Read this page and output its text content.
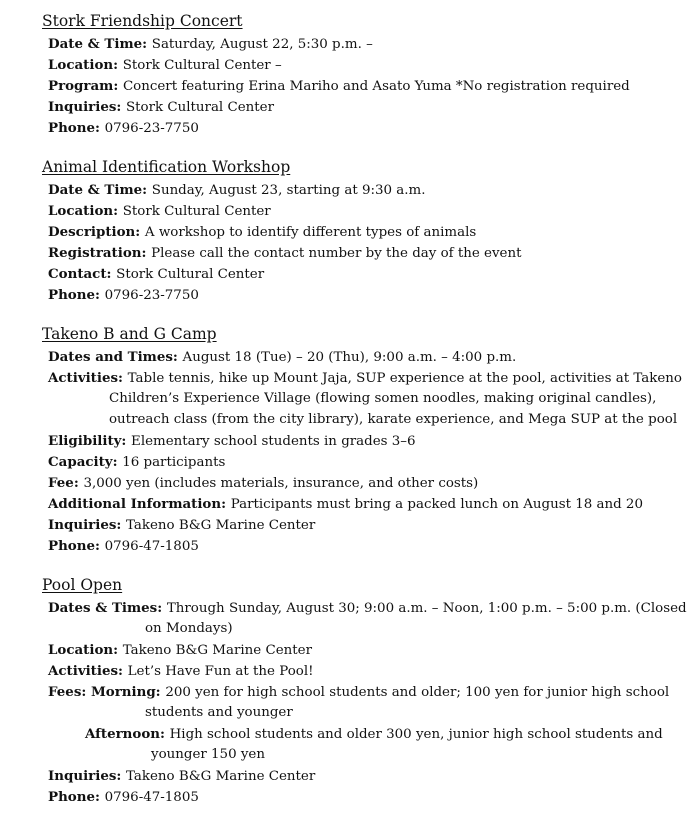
Stork Friendship Concert
Date & Time: Saturday, August 22, 5:30 p.m. –
Location: Stork Cultural Center –
Program: Concert featuring Erina Mariho and Asato Yuma *No registration required
Inquiries: Stork Cultural Center
Phone: 0796-23-7750
Animal Identification Workshop
Date & Time: Sunday, August 23, starting at 9:30 a.m.
Location: Stork Cultural Center
Description: A workshop to identify different types of animals
Registration: Please call the contact number by the day of the event
Contact: Stork Cultural Center
Phone: 0796-23-7750
Takeno B and G Camp
Dates and Times: August 18 (Tue) – 20 (Thu), 9:00 a.m. – 4:00 p.m.
Activities: Table tennis, hike up Mount Jaja, SUP experience at the pool, activities at Takeno
Children’s Experience Village (flowing somen noodles, making original candles),
outreach class (from the city library), karate experience, and Mega SUP at the pool
Eligibility: Elementary school students in grades 3–6
Capacity: 16 participants
Fee: 3,000 yen (includes materials, insurance, and other costs)
Additional Information: Participants must bring a packed lunch on August 18 and 20
Inquiries: Takeno B&G Marine Center
Phone: 0796-47-1805
Pool Open
Dates & Times: Through Sunday, August 30; 9:00 a.m. – Noon, 1:00 p.m. – 5:00 p.m. (Closed
on Mondays)
Location: Takeno B&G Marine Center
Activities: Let’s Have Fun at the Pool!
Fees: Morning: 200 yen for high school students and older; 100 yen for junior high school
students and younger
Afternoon: High school students and older 300 yen, junior high school students and
younger 150 yen
Inquiries: Takeno B&G Marine Center
Phone: 0796-47-1805
